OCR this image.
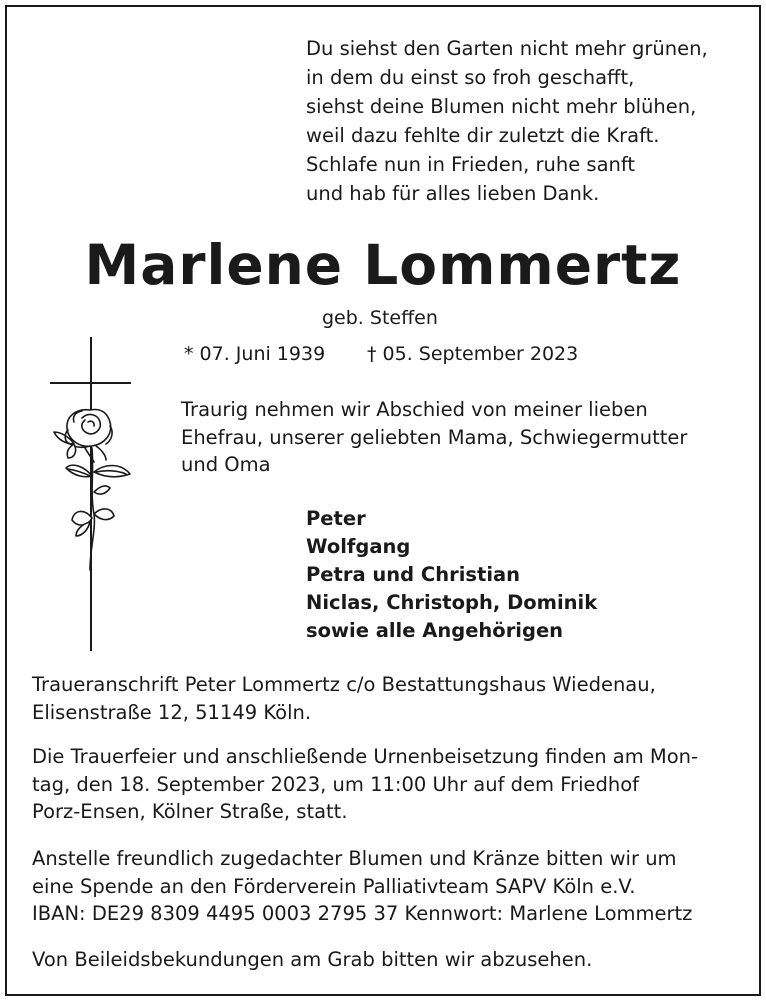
Du siehst den Garten nicht mehr grünen,
in dem du einst so froh geschafft,
siehst deine Blumen nicht mehr blühen,
weil dazu fehlte dir zuletzt die Kraft.
Schlafe nun in Frieden, ruhe sanft
und hab für alles lieben Dank.
Marlene Lommertz
geb. Steffen
* 07. Juni 1939 † 05. September 2023
Traurig nehmen wir Abschied von meiner lieben Ehefrau, unserer geliebten Mama, Schwiegermutter und Oma
Peter
Wolfgang
Petra und Christian
Niclas, Christoph, Dominik
sowie alle Angehörigen
Traueranschrift Peter Lommertz c/o Bestattungshaus Wiedenau,
Elisenstraße 12, 51149 Köln.
Die Trauerfeier und anschließende Urnenbeisetzung finden am Mon-
tag, den 18. September 2023, um 11:00 Uhr auf dem Friedhof
Porz-Ensen, Kölner Straße, statt.
Anstelle freundlich zugedachter Blumen und Kränze bitten wir um
eine Spende an den Förderverein Palliativteam SAPV Köln e.V.
IBAN: DE29 8309 4495 0003 2795 37 Kennwort: Marlene Lommertz
Von Beileidsbekundungen am Grab bitten wir abzusehen.
